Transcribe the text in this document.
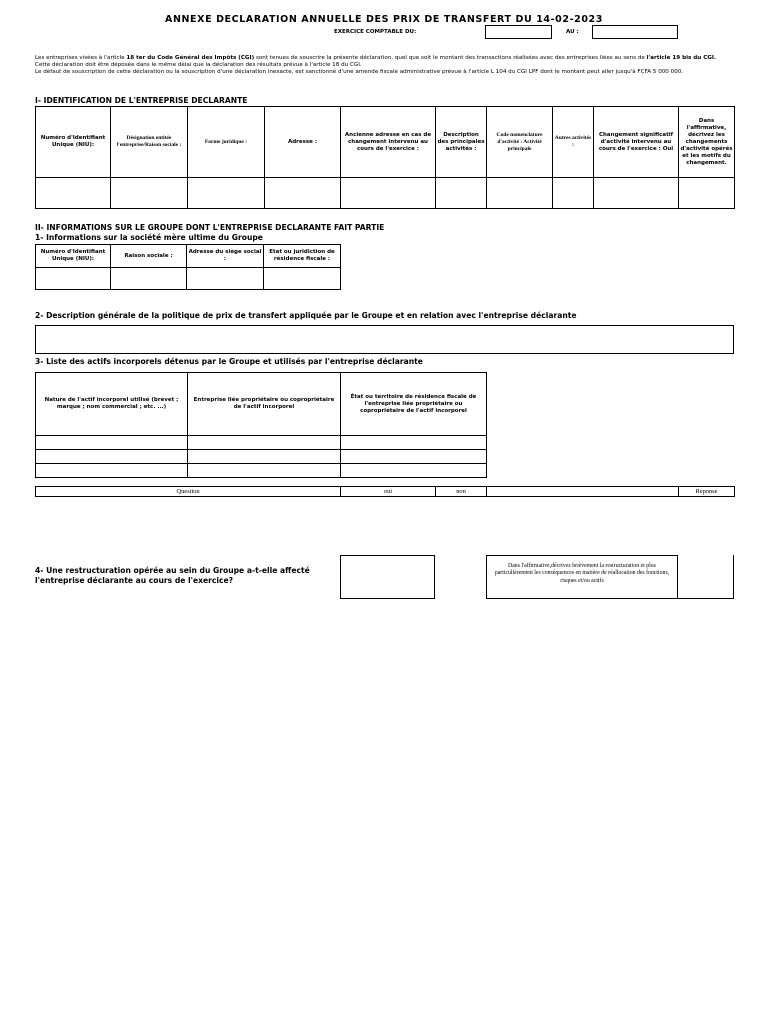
ANNEXE DECLARATION ANNUELLE DES PRIX DE TRANSFERT DU 14-02-2023
EXERCICE COMPTABLE DU:	AU :
Les entreprises visées à l'article 18 ter du Code Général des Impôts (CGI) sont tenues de souscrire la présente déclaration, quel que soit le montant des transactions réalisées avec des entreprises liées au sens de l'article 19 bis du CGI.
Cette déclaration doit être déposée dans le même délai que la déclaration des résultats prévue à l'article 18 du CGI.
Le défaut de souscription de cette déclaration ou la souscription d'une déclaration inexacte, est sanctionné d'une amende fiscale administrative prévue à l'article L 104 du CGI LPF dont le montant peut aller jusqu'à FCFA 5 000 000.
I- IDENTIFICATION DE L'ENTREPRISE DECLARANTE
Numéro d'Identifiant Unique (NIU):	Désignation entitée l'entreprise/Raison sociale :	Forme juridique :	Adresse :	Ancienne adresse en cas de changement intervenu au cours de l'exercice :	Description des principales activités :	Code nomenclature d'activité : Activité principale	Autres activités :	Changement significatif d'activité intervenu au cours de l'exercice : Oui	Dans l'affirmative, décrivez les changements d'activité opérés et les motifs du changement.

II- INFORMATIONS SUR LE GROUPE DONT L'ENTREPRISE DECLARANTE FAIT PARTIE
1- Informations sur la société mère ultime du Groupe
Numéro d'Identifiant Unique (NIU):	Raison sociale :	Adresse du siège social :	Etat ou juridiction de résidence fiscale :

2- Description générale de la politique de prix de transfert appliquée par le Groupe et en relation avec l'entreprise déclarante
3- Liste des actifs incorporels détenus par le Groupe et utilisés par l'entreprise déclarante
Nature de l'actif incorporel utilisé (brevet ; marque ; nom commercial ; etc. ...)	Entreprise liée propriétaire ou copropriétaire de l'actif incorporel	État ou territoire de résidence fiscale de l'entreprise liée propriétaire ou copropriétaire de l'actif incorporel

Question	oui	non		Reponse
4- Une restructuration opérée au sein du Groupe a-t-elle affecté l'entreprise déclarante au cours de l'exercice?
Dans l'affirmative,décrivez brièvement la restructuration et plus particulièrement les conséquences en matière de réallocation des fonctions, risques et/ou actifs
